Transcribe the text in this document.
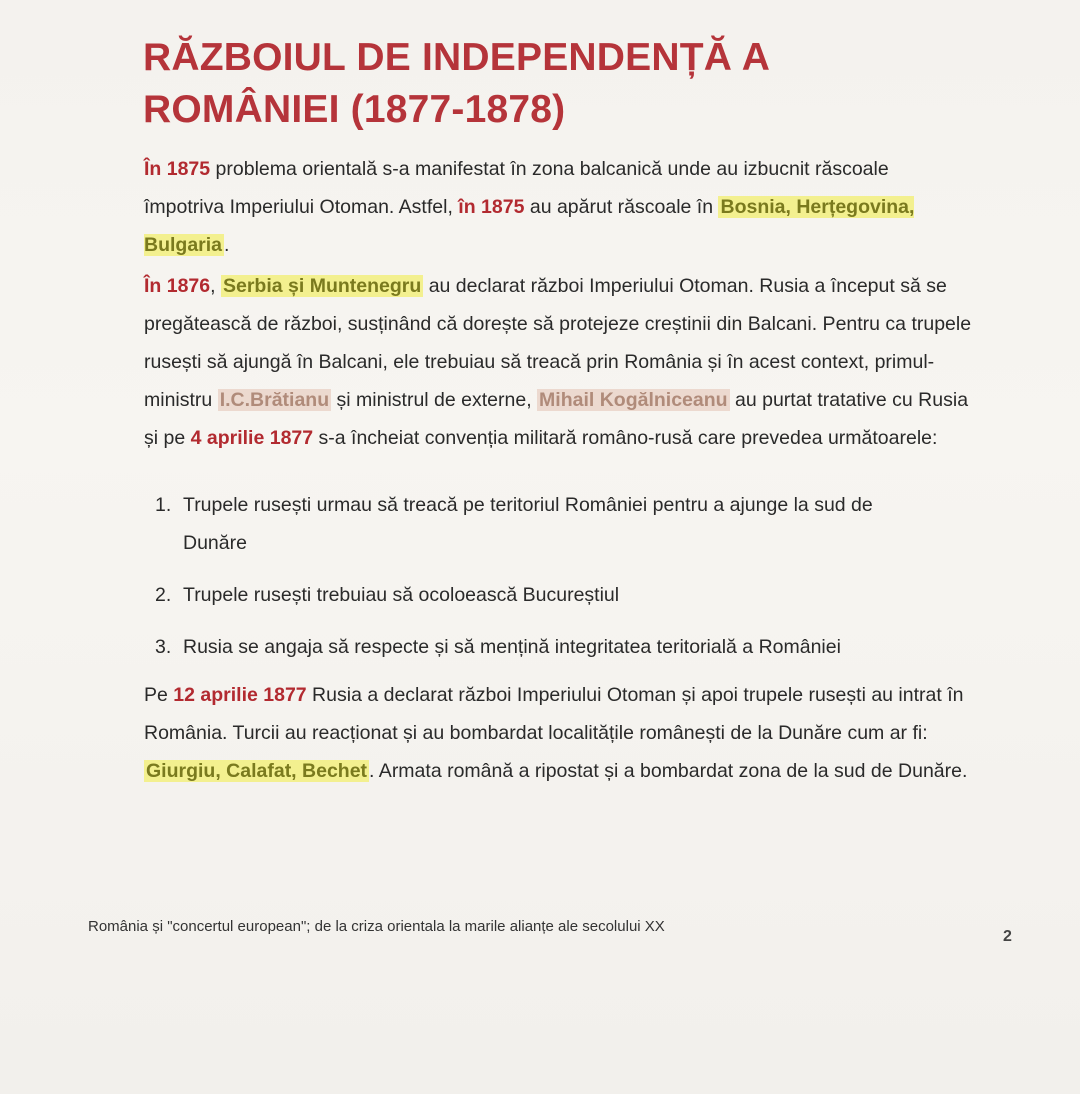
RĂZBOIUL DE INDEPENDENȚĂ A
ROMÂNIEI (1877-1878)

În 1875 problema orientală s-a manifestat în zona balcanică unde au izbucnit răscoale împotriva Imperiului Otoman. Astfel, în 1875 au apărut răscoale în Bosnia, Herțegovina, Bulgaria .

În 1876, Serbia și Muntenegru au declarat război Imperiului Otoman. Rusia a început să se pregătească de război, susținând că dorește să protejeze creștinii din Balcani. Pentru ca trupele rusești să ajungă în Balcani, ele trebuiau să treacă prin România și în acest context, primul-ministru I.C.Brătianu și ministrul de externe, Mihail Kogălniceanu au purtat tratative cu Rusia și pe 4 aprilie 1877 s-a încheiat convenția militară româno-rusă care prevedea următoarele:

1. Trupele rusești urmau să treacă pe teritoriul României pentru a ajunge la sud de Dunăre
2. Trupele rusești trebuiau să ocoloească Bucureștiul
3. Rusia se angaja să respecte și să mențină integritatea teritorială a României

Pe 12 aprilie 1877 Rusia a declarat război Imperiului Otoman și apoi trupele rusești au intrat în România. Turcii au reacționat și au bombardat localitățile românești de la Dunăre cum ar fi: Giurgiu, Calafat, Bechet . Armata română a ripostat și a bombardat zona de la sud de Dunăre.

România și "concertul european"; de la criza orientala la marile alianțe ale secolului XX
2
